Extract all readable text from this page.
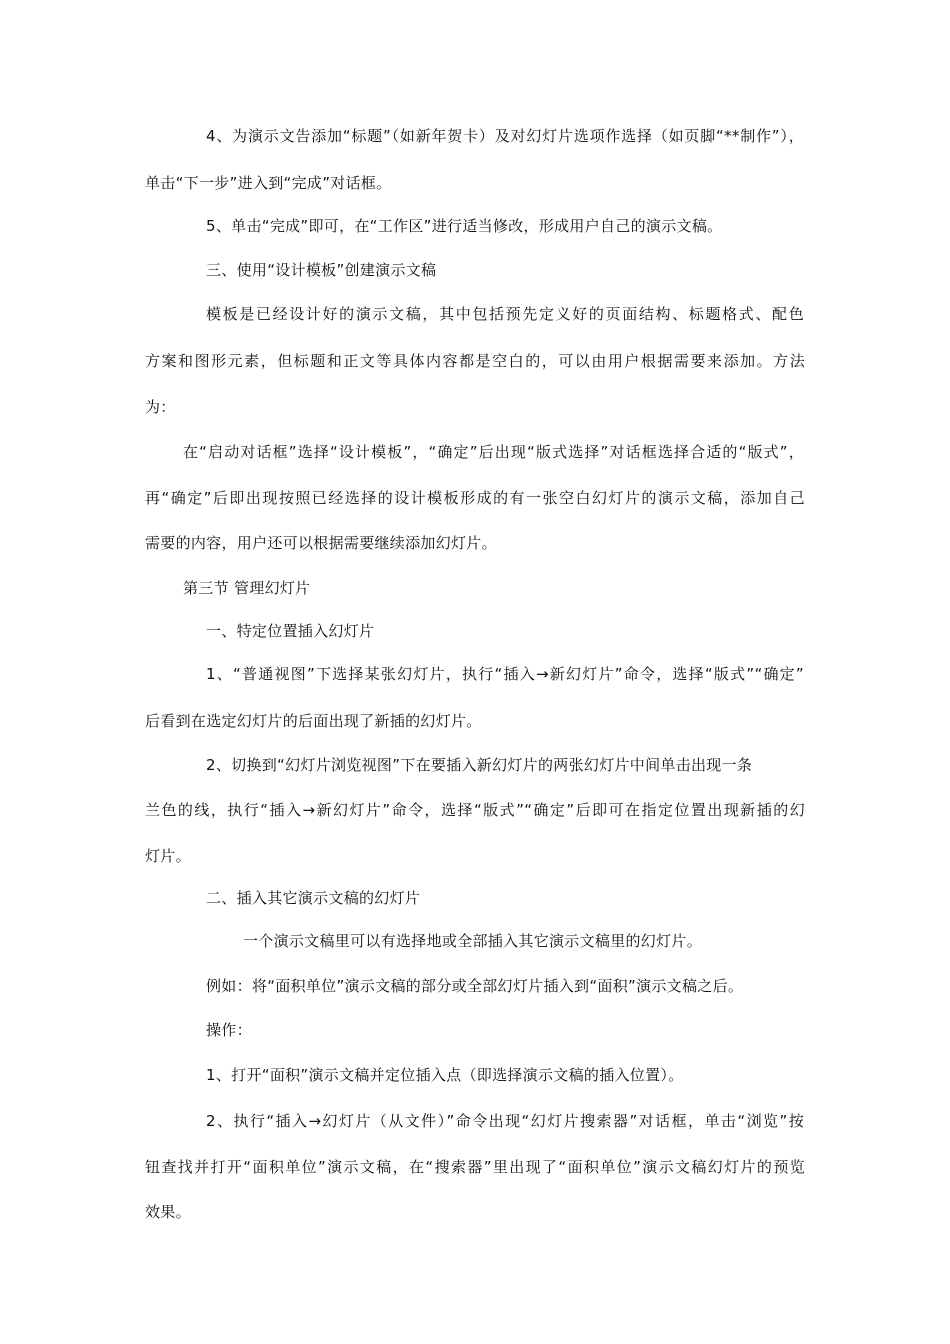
4、为演示文告添加“标题”（如新年贺卡）及对幻灯片选项作选择（如页脚“**制作”），
单击“下一步”进入到“完成”对话框。
5、单击“完成”即可，在“工作区”进行适当修改，形成用户自己的演示文稿。
三、使用“设计模板”创建演示文稿
模板是已经设计好的演示文稿，其中包括预先定义好的页面结构、标题格式、配色
方案和图形元素，但标题和正文等具体内容都是空白的，可以由用户根据需要来添加。方法
为：
在“启动对话框”选择“设计模板”，“确定”后出现“版式选择”对话框选择合适的“版式”，
再“确定”后即出现按照已经选择的设计模板形成的有一张空白幻灯片的演示文稿，添加自己
需要的内容，用户还可以根据需要继续添加幻灯片。
第三节 管理幻灯片
一、特定位置插入幻灯片
1、“普通视图”下选择某张幻灯片，执行“插入→新幻灯片”命令，选择“版式”“确定”
后看到在选定幻灯片的后面出现了新插的幻灯片。
2、切换到“幻灯片浏览视图”下在要插入新幻灯片的两张幻灯片中间单击出现一条
兰色的线，执行“插入→新幻灯片”命令，选择“版式”“确定”后即可在指定位置出现新插的幻
灯片。
二、插入其它演示文稿的幻灯片
一个演示文稿里可以有选择地或全部插入其它演示文稿里的幻灯片。
例如：将“面积单位”演示文稿的部分或全部幻灯片插入到“面积”演示文稿之后。
操作：
1、打开“面积”演示文稿并定位插入点（即选择演示文稿的插入位置）。
2、执行“插入→幻灯片（从文件）”命令出现“幻灯片搜索器”对话框，单击“浏览”按
钮查找并打开“面积单位”演示文稿，在“搜索器”里出现了“面积单位”演示文稿幻灯片的预览
效果。
